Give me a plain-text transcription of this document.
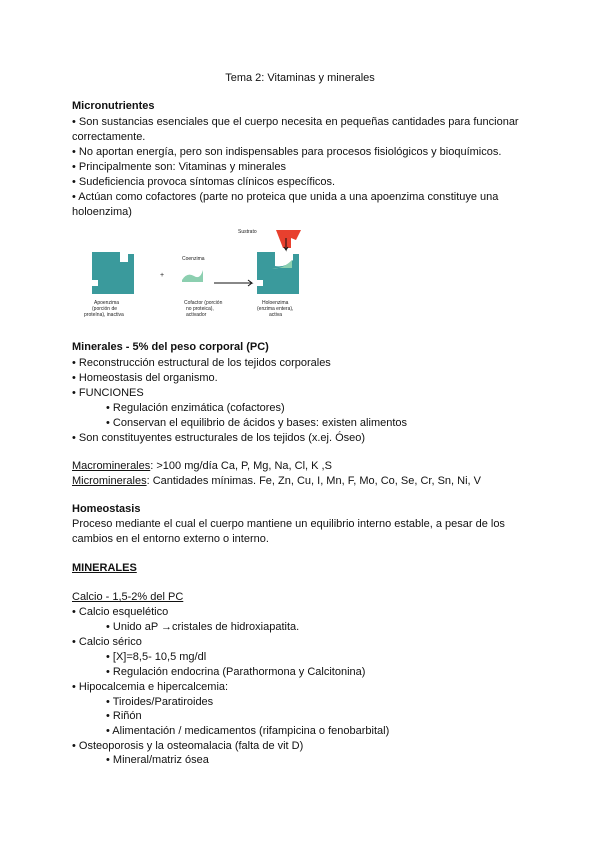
Tema 2: Vitaminas y minerales
Micronutrientes
• Son sustancias esenciales que el cuerpo necesita en pequeñas cantidades para funcionar
correctamente.
• No aportan energía, pero son indispensables para procesos fisiológicos y bioquímicos.
• Principalmente son: Vitaminas y minerales
• Sudeficiencia provoca síntomas clínicos específicos.
• Actúan como cofactores (parte no proteica que unida a una apoenzima constituye una
holoenzima)
Apoenzima
(porción de
proteína), inactiva
+
Coenzima
Cofactor (porción
no proteica),
activador
Sustrato
Holoenzima
(enzima entera),
activa
Minerales - 5% del peso corporal (PC)
• Reconstrucción estructural de los tejidos corporales
• Homeostasis del organismo.
• FUNCIONES
• Regulación enzimática (cofactores)
• Conservan el equilibrio de ácidos y bases: existen alimentos
• Son constituyentes estructurales de los tejidos (x.ej. Óseo)
Macrominerales: >100 mg/día Ca, P, Mg, Na, Cl, K ,S
Microminerales: Cantidades mínimas. Fe, Zn, Cu, I, Mn, F, Mo, Co, Se, Cr, Sn, Ni, V
Homeostasis
Proceso mediante el cual el cuerpo mantiene un equilibrio interno estable, a pesar de los
cambios en el entorno externo o interno.
MINERALES
Calcio - 1,5-2% del PC
• Calcio esquelético
• Unido aP →cristales de hidroxiapatita.
• Calcio sérico
• [X]=8,5- 10,5 mg/dl
• Regulación endocrina (Parathormona y Calcitonina)
• Hipocalcemia e hipercalcemia:
• Tiroides/Paratiroides
• Riñón
• Alimentación / medicamentos (rifampicina o fenobarbital)
• Osteoporosis y la osteomalacia (falta de vit D)
• Mineral/matriz ósea
